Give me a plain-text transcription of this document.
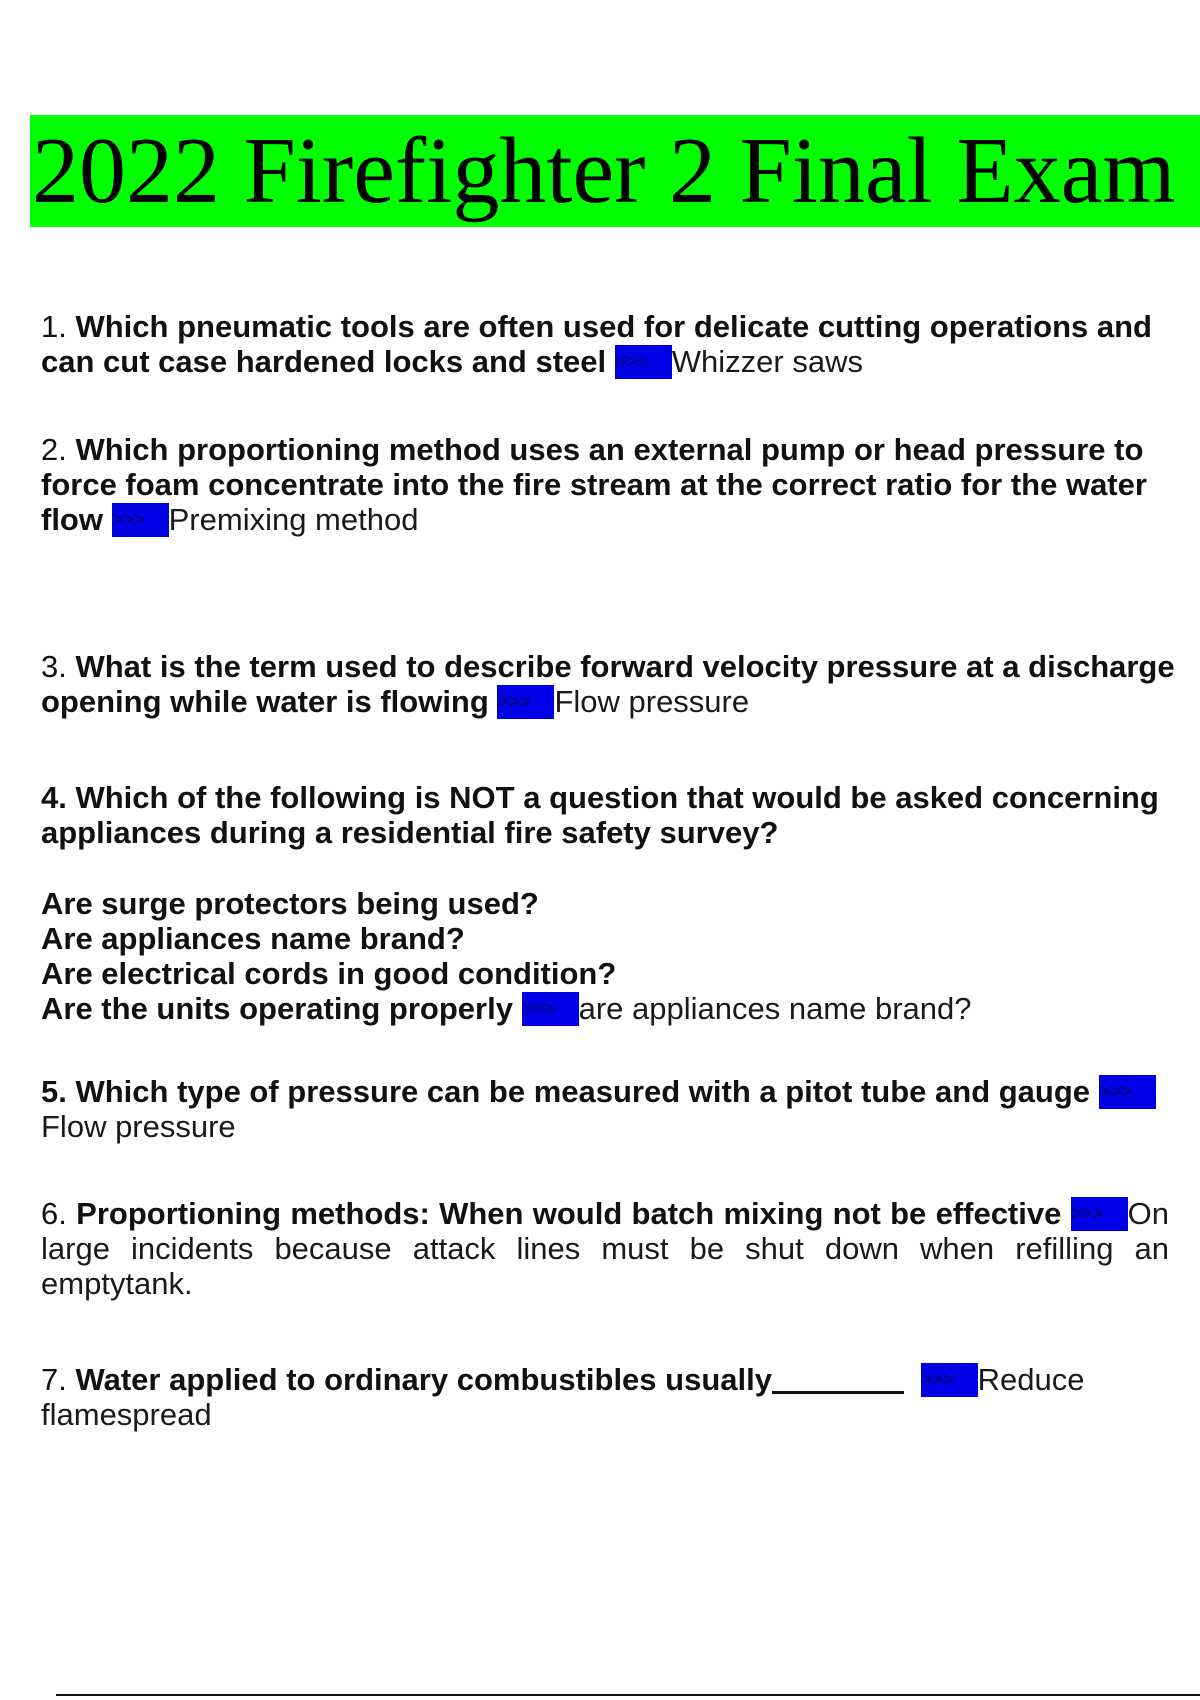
2022 Firefighter 2 Final Exam
1. Which pneumatic tools are often used for delicate cutting operations and can cut case hardened locks and steel >>> Whizzer saws
2. Which proportioning method uses an external pump or head pressure to force foam concentrate into the fire stream at the correct ratio for the water flow >>> Premixing method
3. What is the term used to describe forward velocity pressure at a discharge opening while water is flowing >>> Flow pressure
4. Which of the following is NOT a question that would be asked concerning appliances during a residential fire safety survey?
Are surge protectors being used?
Are appliances name brand?
Are electrical cords in good condition?
Are the units operating properly >>> are appliances name brand?
5. Which type of pressure can be measured with a pitot tube and gauge >>>
Flow pressure
6. Proportioning methods: When would batch mixing not be effective >>> On large incidents because attack lines must be shut down when refilling an emptytank.
7. Water applied to ordinary combustibles usually	>>> Reduce flamespread
